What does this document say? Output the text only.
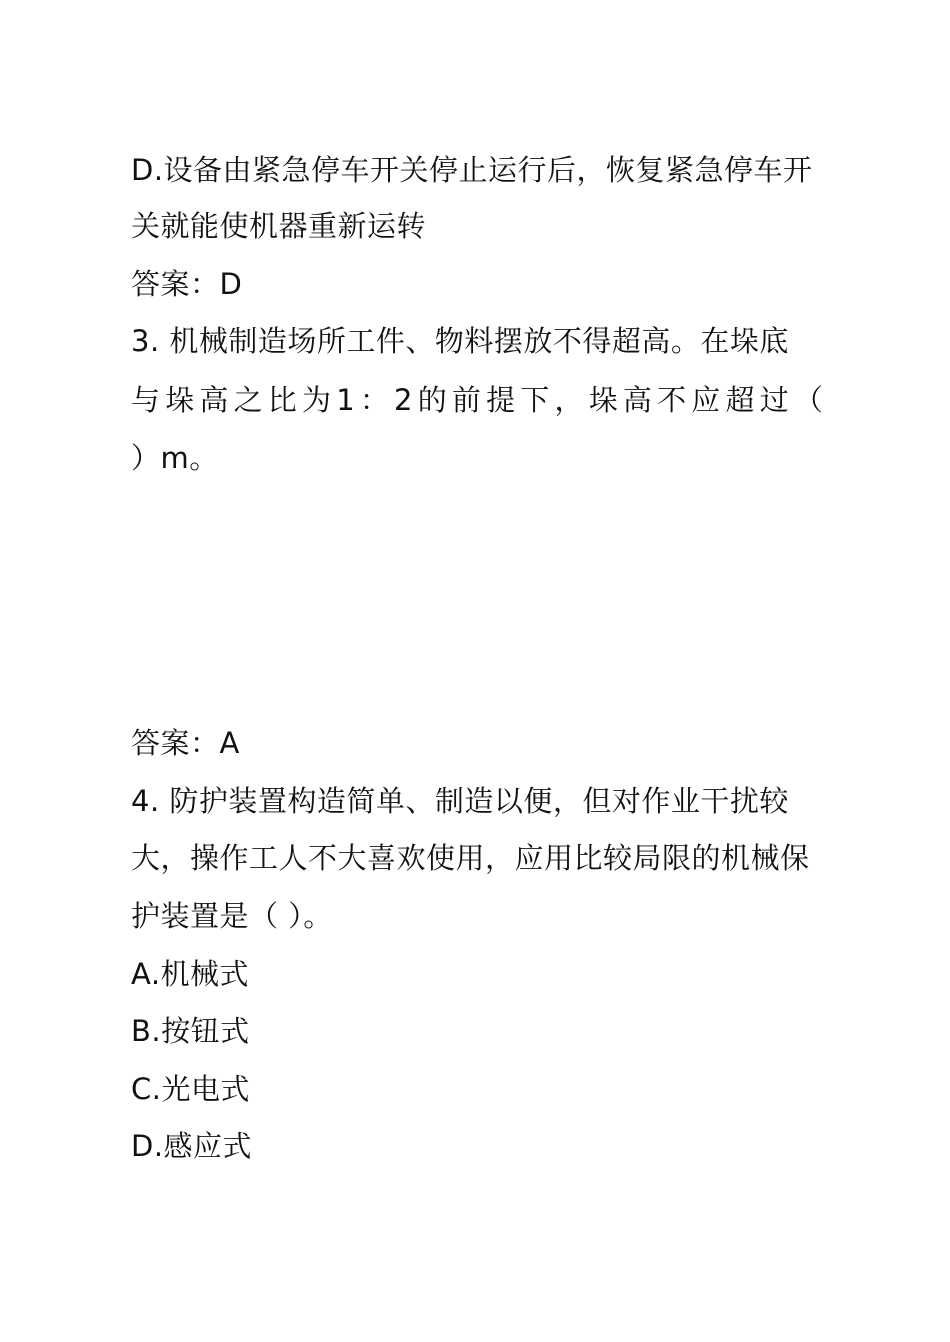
D.设备由紧急停车开关停止运行后，恢复紧急停车开
关就能使机器重新运转
答案：D
3. 机械制造场所工件、物料摆放不得超高。在垛底
与垛高之比为1：2的前提下，垛高不应超过（
）m。
答案：A
4. 防护装置构造简单、制造以便，但对作业干扰较
大，操作工人不大喜欢使用，应用比较局限的机械保
护装置是（ ）。
A.机械式
B.按钮式
C.光电式
D.感应式
